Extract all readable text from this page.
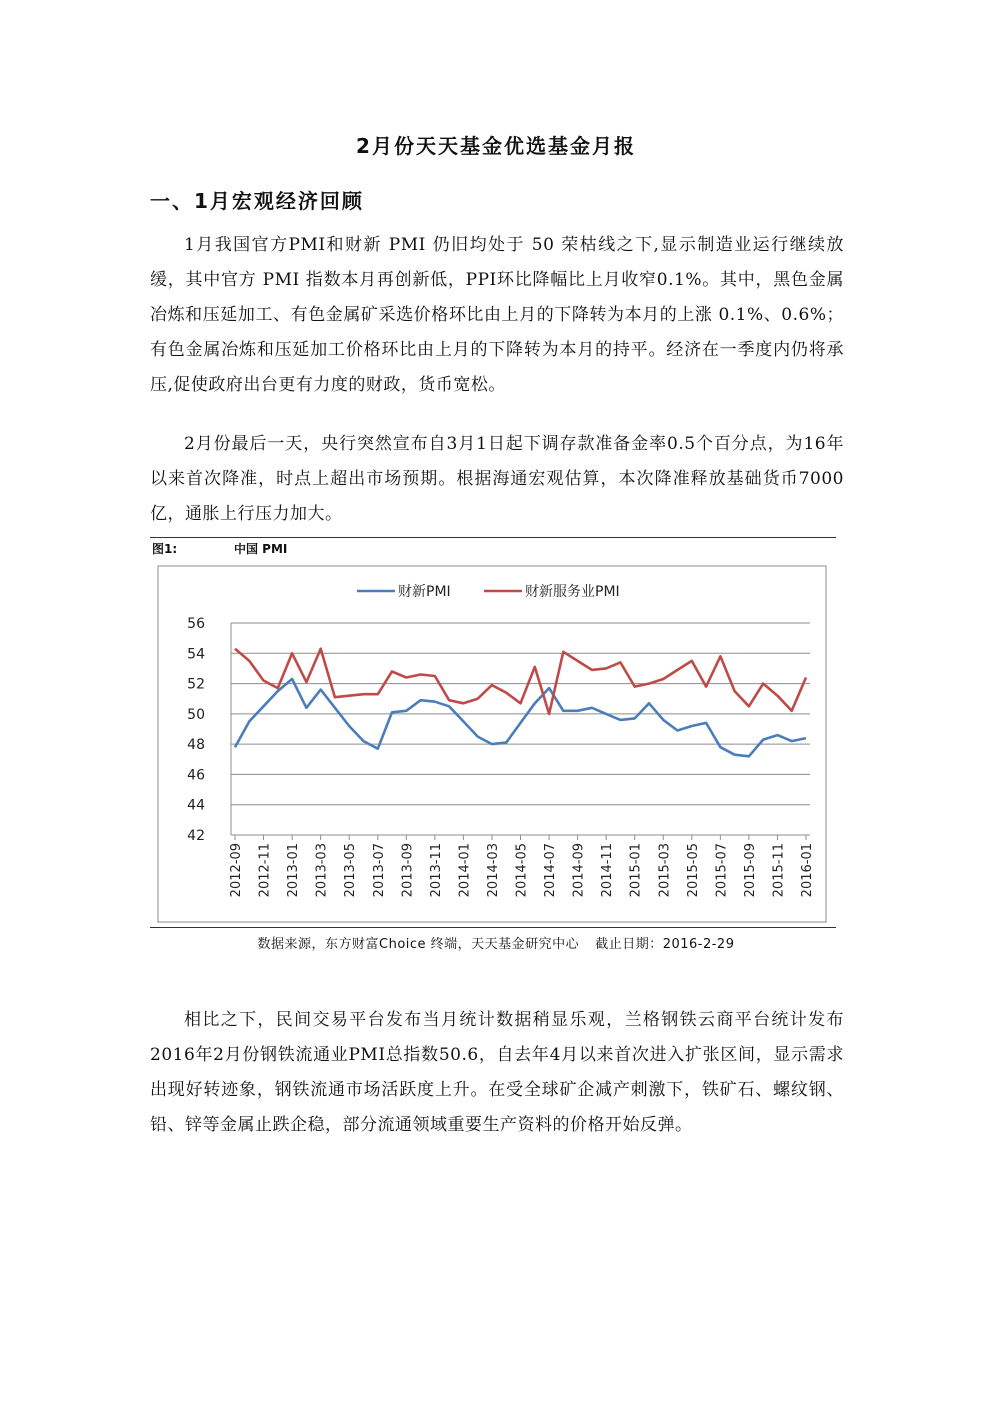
2月份天天基金优选基金月报
一、1月宏观经济回顾

1月我国官方PMI和财新 PMI 仍旧均处于 50 荣枯线之下,显示制造业运行继续放缓，其中官方 PMI 指数本月再创新低，PPI环比降幅比上月收窄0.1%。其中，黑色金属冶炼和压延加工、有色金属矿采选价格环比由上月的下降转为本月的上涨 0.1%、0.6%；有色金属冶炼和压延加工价格环比由上月的下降转为本月的持平。经济在一季度内仍将承压,促使政府出台更有力度的财政，货币宽松。

2月份最后一天，央行突然宣布自3月1日起下调存款准备金率0.5个百分点，为16年以来首次降准，时点上超出市场预期。根据海通宏观估算，本次降准释放基础货币7000亿，通胀上行压力加大。

图1:	中国 PMI
财新PMI	财新服务业PMI
42
44
46
48
50
52
54
56
2012-09 2012-11 2013-01 2013-03 2013-05 2013-07 2013-09 2013-11 2014-01 2014-03 2014-05 2014-07 2014-09 2014-11 2015-01 2015-03 2015-05 2015-07 2015-09 2015-11 2016-01
数据来源，东方财富Choice 终端，天天基金研究中心 截止日期：2016-2-29

相比之下，民间交易平台发布当月统计数据稍显乐观，兰格钢铁云商平台统计发布2016年2月份钢铁流通业PMI总指数50.6，自去年4月以来首次进入扩张区间，显示需求出现好转迹象，钢铁流通市场活跃度上升。在受全球矿企减产刺激下，铁矿石、螺纹钢、铅、锌等金属止跌企稳，部分流通领域重要生产资料的价格开始反弹。
